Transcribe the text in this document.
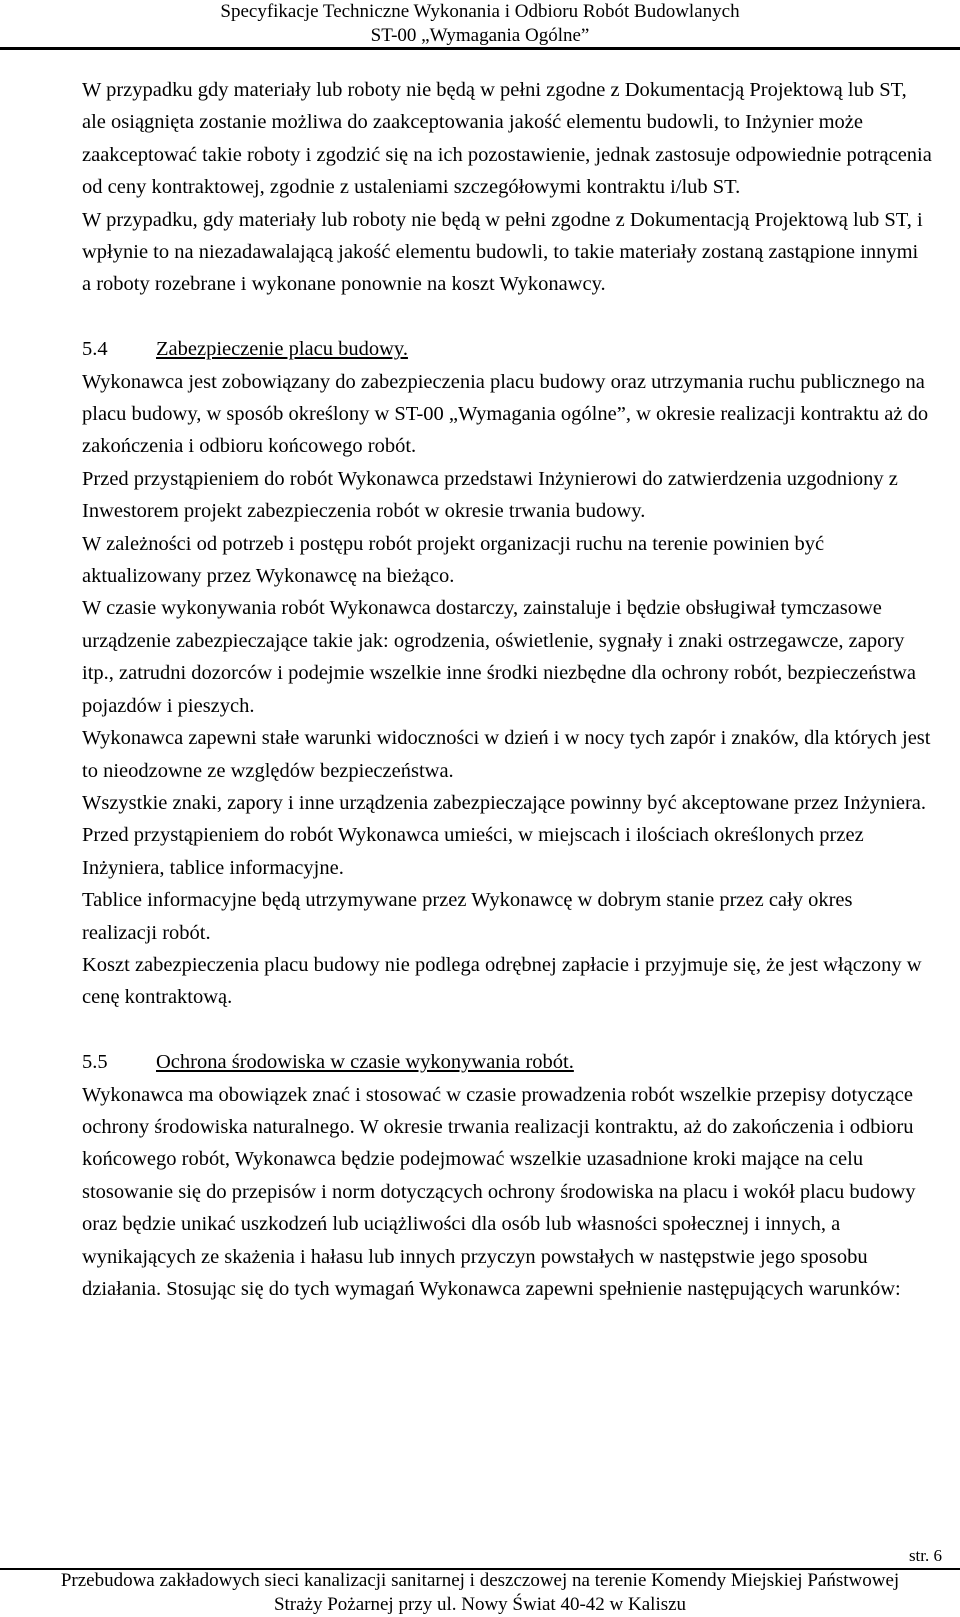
Specyfikacje Techniczne Wykonania i Odbioru Robót Budowlanych
ST-00 „Wymagania Ogólne”

W przypadku gdy materiały lub roboty nie będą w pełni zgodne z Dokumentacją Projektową lub ST, ale osiągnięta zostanie możliwa do zaakceptowania jakość elementu budowli, to Inżynier może zaakceptować takie roboty i zgodzić się na ich pozostawienie, jednak zastosuje odpowiednie potrącenia od ceny kontraktowej, zgodnie z ustaleniami szczegółowymi kontraktu i/lub ST.

W przypadku, gdy materiały lub roboty nie będą w pełni zgodne z Dokumentacją Projektową lub ST, i wpłynie to na niezadawalającą jakość elementu budowli, to takie materiały zostaną zastąpione innymi a roboty rozebrane i wykonane ponownie na koszt Wykonawcy.

5.4 Zabezpieczenie placu budowy.

Wykonawca jest zobowiązany do zabezpieczenia placu budowy oraz utrzymania ruchu publicznego na placu budowy, w sposób określony w ST-00 „Wymagania ogólne”, w okresie realizacji kontraktu aż do zakończenia i odbioru końcowego robót.

Przed przystąpieniem do robót Wykonawca przedstawi Inżynierowi do zatwierdzenia uzgodniony z Inwestorem projekt zabezpieczenia robót w okresie trwania budowy.

W zależności od potrzeb i postępu robót projekt organizacji ruchu na terenie powinien być aktualizowany przez Wykonawcę na bieżąco.

W czasie wykonywania robót Wykonawca dostarczy, zainstaluje i będzie obsługiwał tymczasowe urządzenie zabezpieczające takie jak: ogrodzenia, oświetlenie, sygnały i znaki ostrzegawcze, zapory itp., zatrudni dozorców i podejmie wszelkie inne środki niezbędne dla ochrony robót, bezpieczeństwa pojazdów i pieszych.

Wykonawca zapewni stałe warunki widoczności w dzień i w nocy tych zapór i znaków, dla których jest to nieodzowne ze względów bezpieczeństwa.

Wszystkie znaki, zapory i inne urządzenia zabezpieczające powinny być akceptowane przez Inżyniera.

Przed przystąpieniem do robót Wykonawca umieści, w miejscach i ilościach określonych przez Inżyniera, tablice informacyjne.

Tablice informacyjne będą utrzymywane przez Wykonawcę w dobrym stanie przez cały okres realizacji robót.

Koszt zabezpieczenia placu budowy nie podlega odrębnej zapłacie i przyjmuje się, że jest włączony w cenę kontraktową.

5.5 Ochrona środowiska w czasie wykonywania robót.

Wykonawca ma obowiązek znać i stosować w czasie prowadzenia robót wszelkie przepisy dotyczące ochrony środowiska naturalnego. W okresie trwania realizacji kontraktu, aż do zakończenia i odbioru końcowego robót, Wykonawca będzie podejmować wszelkie uzasadnione kroki mające na celu stosowanie się do przepisów i norm dotyczących ochrony środowiska na placu i wokół placu budowy oraz będzie unikać uszkodzeń lub uciążliwości dla osób lub własności społecznej i innych, a wynikających ze skażenia i hałasu lub innych przyczyn powstałych w następstwie jego sposobu działania. Stosując się do tych wymagań Wykonawca zapewni spełnienie następujących warunków:

str. 6
Przebudowa zakładowych sieci kanalizacji sanitarnej i deszczowej na terenie Komendy Miejskiej Państwowej
Straży Pożarnej przy ul. Nowy Świat 40-42 w Kaliszu
